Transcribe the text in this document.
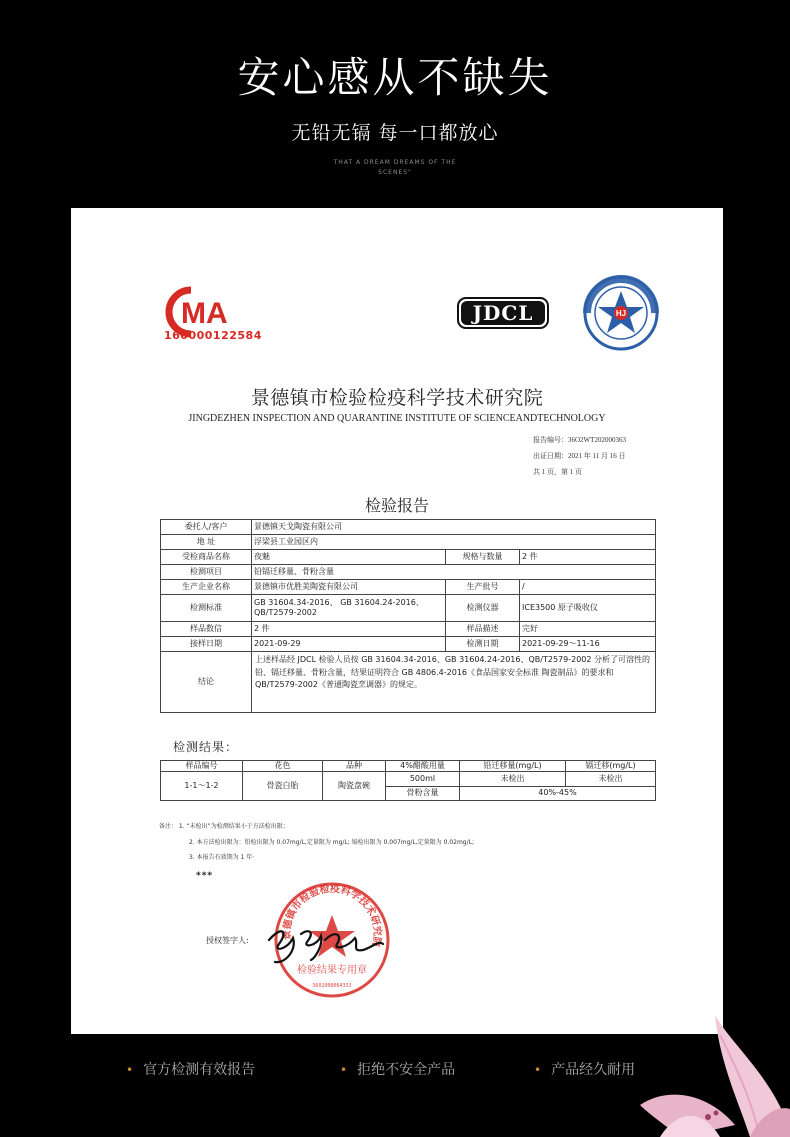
安心感从不缺失
无铅无镉 每一口都放心
THAT A DREAM DREAMS OF THE
SCENES"
MA
160000122584
JDCL	HJ
景德镇市检验检疫科学技术研究院
JINGDEZHEN INSPECTION AND QUARANTINE INSTITUTE OF SCIENCEANDTECHNOLOGY
报告编号：36O2WT202000363
出证日期：2021 年 11 月 16 日
共 1 页，第 1 页
检验报告
委托人/客户	景德镇天戈陶瓷有限公司		
地 址	浮梁县工业园区内		
受检商品名称	夜魅	规格与数量	2 件
检测项目	铅镉迁移量、骨粉含量		
生产企业名称	景德镇市优胜美陶瓷有限公司	生产批号	/
检测标准	GB 31604.34-2016、 GB 31604.24-2016、QB/T2579-2002	检测仪器	ICE3500 原子吸收仪
样品数信	2 件	样品描述	完好
接样日期	2021-09-29	检测日期	2021-09-29～11-16
结论	上述样品经 JDCL 检验人员按 GB 31604.34-2016、GB 31604.24-2016、QB/T2579-2002 分析了可溶性的铅、镉迁移量、骨粉含量，结果证明符合 GB 4806.4-2016《食品国家安全标准 陶瓷制品》的要求和 QB/T2579-2002《普通陶瓷烹调器》的规定。		
检测结果：
样品编号	花色	品种	4%醋酸用量	铅迁移量(mg/L)	镉迁移(mg/L)
1-1～1-2	骨瓷白胎	陶瓷盘碗	500ml	未检出	未检出
			骨粉含量	40%-45%	
备注： 1. “未检出”为检测结果小于方法检出限；
2. 本方法检出限为：铅检出限为 0.07mg/L,定量限为 mg/L; 镉检出限为 0.007mg/L,定量限为 0.02mg/L;
3. 本报告有效期为 1 年·
***
授权签字人:
景德镇市检验检疫科学技术研究院
检验结果专用章
3602000064333
• 官方检测有效报告	• 拒绝不安全产品	• 产品经久耐用
